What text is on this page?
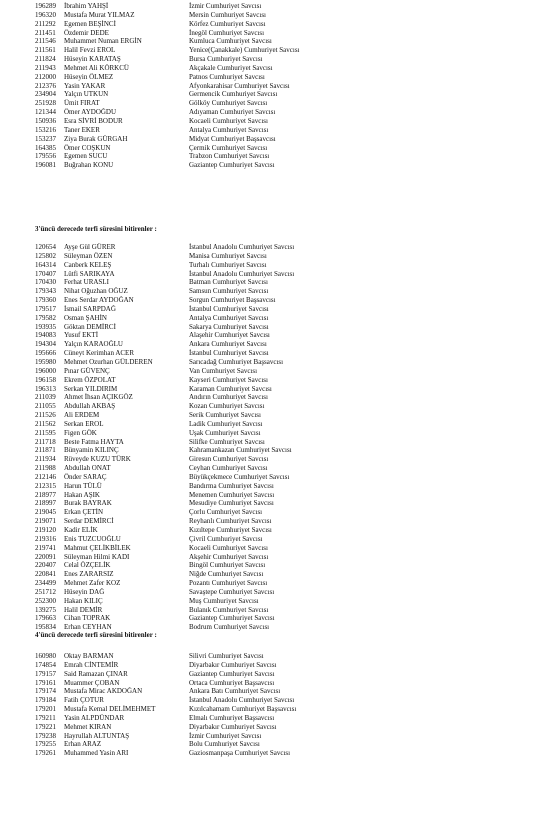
196289	İbrahim YAHŞİ	İzmir Cumhuriyet Savcısı
196320	Mustafa Murat YILMAZ	Mersin Cumhuriyet Savcısı
211292	Egemen BEŞİNCİ	Körfez Cumhuriyet Savcısı
211451	Özdemir DEDE	İnegöl Cumhuriyet Savcısı
211546	Muhammet Numan ERGİN	Kumluca Cumhuriyet Savcısı
211561	Halil Fevzi EROL	Yenice(Çanakkale) Cumhuriyet Savcısı
211824	Hüseyin KARATAŞ	Bursa Cumhuriyet Savcısı
211943	Mehmet Ali KÖRKCÜ	Akçakale Cumhuriyet Savcısı
212000	Hüseyin ÖLMEZ	Patnos Cumhuriyet Savcısı
212376	Yasin YAKAR	Afyonkarahisar Cumhuriyet Savcısı
234904	Yalçın UTKUN	Germencik Cumhuriyet Savcısı
251928	Ümit FIRAT	Gölköy Cumhuriyet Savcısı
121344	Ömer AYDOĞDU	Adıyaman Cumhuriyet Savcısı
150936	Esra SİVRİ BODUR	Kocaeli Cumhuriyet Savcısı
153216	Taner EKER	Antalya Cumhuriyet Savcısı
153237	Ziya Burak GÜRGAH	Midyat Cumhuriyet Başsavcısı
164385	Ömer COŞKUN	Çermik Cumhuriyet Savcısı
179556	Egemen SUCU	Trabzon Cumhuriyet Savcısı
196081	Buğrahan KONU	Gaziantep Cumhuriyet Savcısı
3'üncü derecede terfi süresini bitirenler :
120654	Ayşe Gül GÜRER	İstanbul Anadolu Cumhuriyet Savcısı
125802	Süleyman ÖZEN	Manisa Cumhuriyet Savcısı
164314	Canberk KELEŞ	Turhalı Cumhuriyet Savcısı
170407	Lütfi SARIKAYA	İstanbul Anadolu Cumhuriyet Savcısı
170430	Ferhat URASLI	Batman Cumhuriyet Savcısı
179343	Nihat Oğuzhan OĞUZ	Samsun Cumhuriyet Savcısı
179360	Enes Serdar AYDOĞAN	Sorgun Cumhuriyet Başsavcısı
179517	İsmail SARPDAĞ	İstanbul Cumhuriyet Savcısı
179582	Osman ŞAHİN	Antalya Cumhuriyet Savcısı
193935	Göktan DEMİRCİ	Sakarya Cumhuriyet Savcısı
194083	Yusuf EKTİ	Alaşehir Cumhuriyet Savcısı
194304	Yalçın KARAOĞLU	Ankara Cumhuriyet Savcısı
195666	Cüneyt Kerimhan ACER	İstanbul Cumhuriyet Savcısı
195980	Mehmet Ozurhan GÜLDEREN	Sarıcadağ Cumhuriyet Başsavcısı
196000	Pınar GÜVENÇ	Van Cumhuriyet Savcısı
196158	Ekrem ÖZPOLAT	Kayseri Cumhuriyet Savcısı
196313	Serkan YILDIRIM	Karaman Cumhuriyet Savcısı
211039	Ahmet İhsan AÇIKGÖZ	Andırın Cumhuriyet Savcısı
211055	Abdullah AKBAŞ	Kozan Cumhuriyet Savcısı
211526	Ali ERDEM	Serik Cumhuriyet Savcısı
211562	Serkan EROL	Ladik Cumhuriyet Savcısı
211595	Figen GÖK	Uşak Cumhuriyet Savcısı
211718	Beste Fatma HAYTA	Silifke Cumhuriyet Savcısı
211871	Bünyamin KILINÇ	Kahramankazan Cumhuriyet Savcısı
211934	Rüveyde KUZU TÜRK	Giresun Cumhuriyet Savcısı
211988	Abdullah ONAT	Ceyhan Cumhuriyet Savcısı
212146	Önder SARAÇ	Büyükçekmece Cumhuriyet Savcısı
212315	Harun TÜLÜ	Bandırma Cumhuriyet Savcısı
218977	Hakan AŞIK	Menemen Cumhuriyet Savcısı
218997	Burak BAYRAK	Mesudiye Cumhuriyet Savcısı
219045	Erkan ÇETİN	Çorlu Cumhuriyet Savcısı
219071	Serdar DEMİRCİ	Reyhanlı Cumhuriyet Savcısı
219120	Kadir ELİK	Kızıltepe Cumhuriyet Savcısı
219316	Enis TUZCUOĞLU	Çivril Cumhuriyet Savcısı
219741	Mahmut ÇELİKBİLEK	Kocaeli Cumhuriyet Savcısı
220091	Süleyman Hilmi KADI	Akşehir Cumhuriyet Savcısı
220407	Celal ÖZÇELİK	Bingöl Cumhuriyet Savcısı
220841	Enes ZARARSIZ	Niğde Cumhuriyet Savcısı
234499	Mehmet Zafer KOZ	Pozantı Cumhuriyet Savcısı
251712	Hüseyin DAĞ	Savaştepe Cumhuriyet Savcısı
252300	Hakan KILIÇ	Muş Cumhuriyet Savcısı
139275	Halil DEMİR	Bulanık Cumhuriyet Savcısı
179663	Cihan TOPRAK	Gaziantep Cumhuriyet Savcısı
195834	Erhan CEYHAN	Bodrum Cumhuriyet Savcısı
4'üncü derecede terfi süresini bitirenler :
160980	Oktay BARMAN	Silivri Cumhuriyet Savcısı
174854	Emrah CİNTEMİR	Diyarbakır Cumhuriyet Savcısı
179157	Said Ramazan ÇINAR	Gaziantep Cumhuriyet Savcısı
179161	Muammer ÇOBAN	Ortaca Cumhuriyet Başsavcısı
179174	Mustafa Mirac AKDOĞAN	Ankara Batı Cumhuriyet Savcısı
179184	Fatih ÇOTUR	İstanbul Anadolu Cumhuriyet Savcısı
179201	Mustafa Kemal DELİMEHMET	Kızılcahamam Cumhuriyet Başsavcısı
179211	Yasin ALPDÜNDAR	Elmalı Cumhuriyet Başsavcısı
179221	Mehmet KIRAN	Diyarbakır Cumhuriyet Savcısı
179238	Hayrullah ALTUNTAŞ	İzmir Cumhuriyet Savcısı
179255	Erhan ARAZ	Bolu Cumhuriyet Savcısı
179261	Muhammed Yasin ARI	Gaziosmanpaşa Cumhuriyet Savcısı
